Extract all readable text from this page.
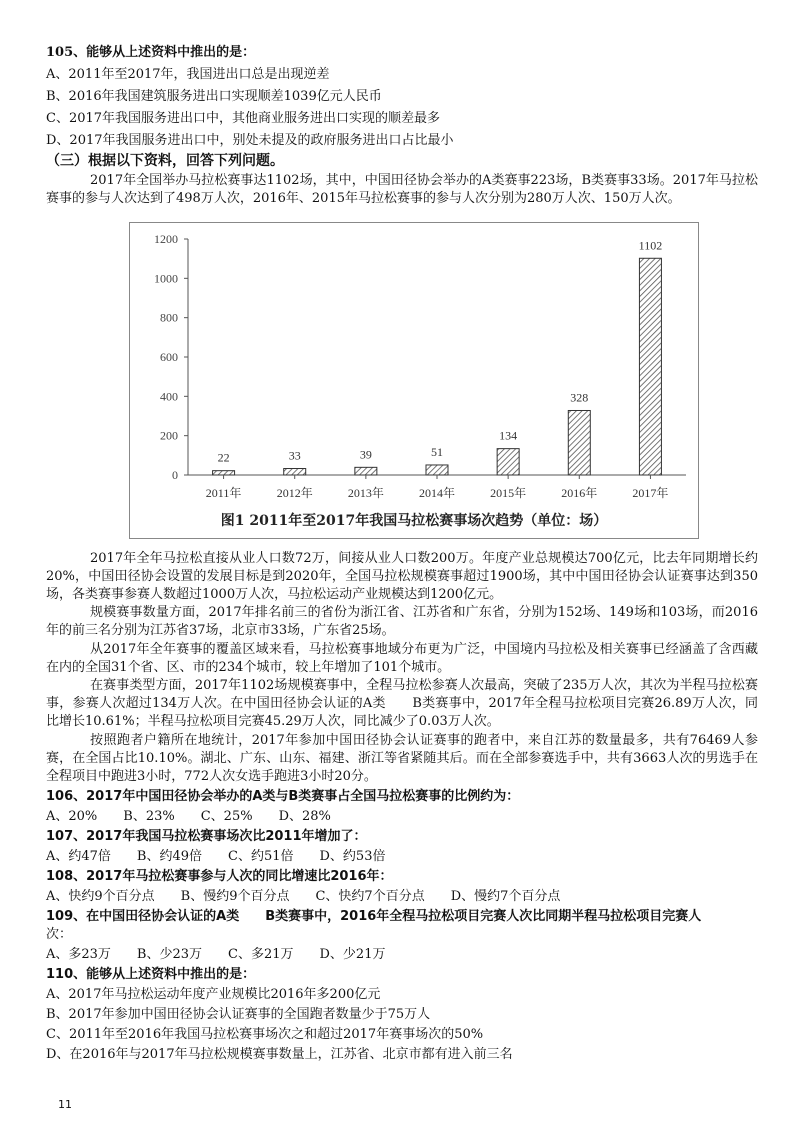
105、能够从上述资料中推出的是：
A、2011年至2017年，我国进出口总是出现逆差
B、2016年我国建筑服务进出口实现顺差1039亿元人民币
C、2017年我国服务进出口中，其他商业服务进出口实现的顺差最多
D、2017年我国服务进出口中，别处未提及的政府服务进出口占比最小
（三）根据以下资料，回答下列问题。
2017年全国举办马拉松赛事达1102场，其中，中国田径协会举办的A类赛事223场，B类赛事33场。2017年马拉松赛事的参与人次达到了498万人次，2016年、2015年马拉松赛事的参与人次分别为280万人次、150万人次。
0
200
400
600
800
1000
1200
22
2011年
33
2012年
39
2013年
51
2014年
134
2015年
328
2016年
1102
2017年
图1 2011年至2017年我国马拉松赛事场次趋势（单位：场）
2017年全年马拉松直接从业人口数72万，间接从业人口数200万。年度产业总规模达700亿元，比去年同期增长约20%，中国田径协会设置的发展目标是到2020年，全国马拉松规模赛事超过1900场，其中中国田径协会认证赛事达到350场，各类赛事参赛人数超过1000万人次，马拉松运动产业规模达到1200亿元。
规模赛事数量方面，2017年排名前三的省份为浙江省、江苏省和广东省，分别为152场、149场和103场，而2016年的前三名分别为江苏省37场，北京市33场，广东省25场。
从2017年全年赛事的覆盖区域来看，马拉松赛事地域分布更为广泛，中国境内马拉松及相关赛事已经涵盖了含西藏在内的全国31个省、区、市的234个城市，较上年增加了101个城市。
在赛事类型方面，2017年1102场规模赛事中，全程马拉松参赛人次最高，突破了235万人次，其次为半程马拉松赛事，参赛人次超过134万人次。在中国田径协会认证的A类　　B类赛事中，2017年全程马拉松项目完赛26.89万人次，同比增长10.61%；半程马拉松项目完赛45.29万人次，同比减少了0.03万人次。
按照跑者户籍所在地统计，2017年参加中国田径协会认证赛事的跑者中，来自江苏的数量最多，共有76469人参赛，在全国占比10.10%。湖北、广东、山东、福建、浙江等省紧随其后。而在全部参赛选手中，共有3663人次的男选手在全程项目中跑进3小时，772人次女选手跑进3小时20分。
106、2017年中国田径协会举办的A类与B类赛事占全国马拉松赛事的比例约为：
A、20%　　B、23%　　C、25%　　D、28%
107、2017年我国马拉松赛事场次比2011年增加了：
A、约47倍　　B、约49倍　　C、约51倍　　D、约53倍
108、2017年马拉松赛事参与人次的同比增速比2016年：
A、快约9个百分点　　B、慢约9个百分点　　C、快约7个百分点　　D、慢约7个百分点
109、在中国田径协会认证的A类　　B类赛事中，2016年全程马拉松项目完赛人次比同期半程马拉松项目完赛人
次：
A、多23万　　B、少23万　　C、多21万　　D、少21万
110、能够从上述资料中推出的是：
A、2017年马拉松运动年度产业规模比2016年多200亿元
B、2017年参加中国田径协会认证赛事的全国跑者数量少于75万人
C、2011年至2016年我国马拉松赛事场次之和超过2017年赛事场次的50%
D、在2016年与2017年马拉松规模赛事数量上，江苏省、北京市都有进入前三名
11
